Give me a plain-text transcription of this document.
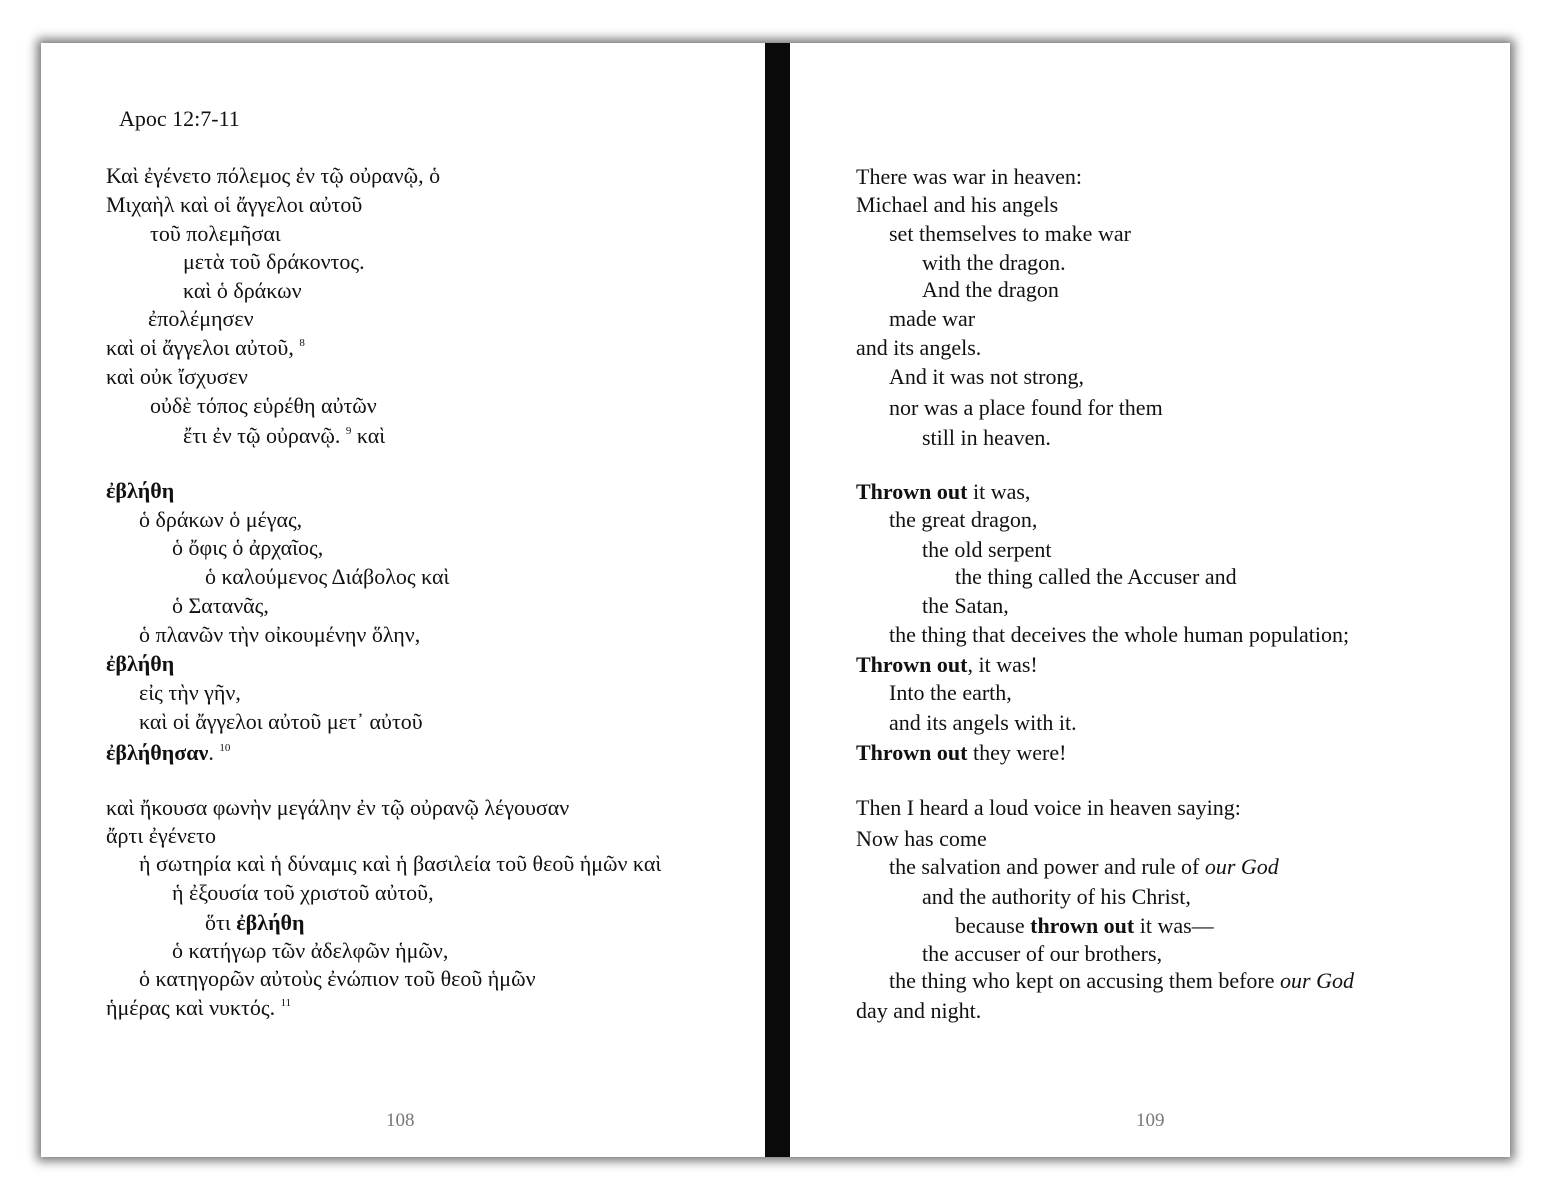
Apoc 12:7-11
Καὶ ἐγένετο πόλεμος ἐν τῷ οὐρανῷ, ὁ
Μιχαὴλ καὶ οἱ ἄγγελοι αὐτοῦ
τοῦ πολεμῆσαι
μετὰ τοῦ δράκοντος.
καὶ ὁ δράκων
ἐπολέμησεν
καὶ οἱ ἄγγελοι αὐτοῦ, $^8$
καὶ οὐκ ἴσχυσεν
οὐδὲ τόπος εὑρέθη αὐτῶν
ἔτι ἐν τῷ οὐρανῷ. $^9$ καὶ
ἐβλήθη
ὁ δράκων ὁ μέγας,
ὁ ὄφις ὁ ἀρχαῖος,
ὁ καλούμενος Διάβολος καὶ
ὁ Σατανᾶς,
ὁ πλανῶν τὴν οἰκουμένην ὅλην,
ἐβλήθη
εἰς τὴν γῆν,
καὶ οἱ ἄγγελοι αὐτοῦ μετ᾽ αὐτοῦ
ἐβλήθησαν. $^{10}$
καὶ ἤκουσα φωνὴν μεγάλην ἐν τῷ οὐρανῷ λέγουσαν
ἄρτι ἐγένετο
ἡ σωτηρία καὶ ἡ δύναμις καὶ ἡ βασιλεία τοῦ θεοῦ ἡμῶν καὶ
ἡ ἐξουσία τοῦ χριστοῦ αὐτοῦ,
ὅτι ἐβλήθη
ὁ κατήγωρ τῶν ἀδελφῶν ἡμῶν,
ὁ κατηγορῶν αὐτοὺς ἐνώπιον τοῦ θεοῦ ἡμῶν
ἡμέρας καὶ νυκτός. $^{11}$
108
There was war in heaven:
Michael and his angels
set themselves to make war
with the dragon.
And the dragon
made war
and its angels.
And it was not strong,
nor was a place found for them
still in heaven.
Thrown out it was,
the great dragon,
the old serpent
the thing called the Accuser and
the Satan,
the thing that deceives the whole human population;
Thrown out, it was!
Into the earth,
and its angels with it.
Thrown out they were!
Then I heard a loud voice in heaven saying:
Now has come
the salvation and power and rule of our God
and the authority of his Christ,
because thrown out it was—
the accuser of our brothers,
the thing who kept on accusing them before our God
day and night.
109
